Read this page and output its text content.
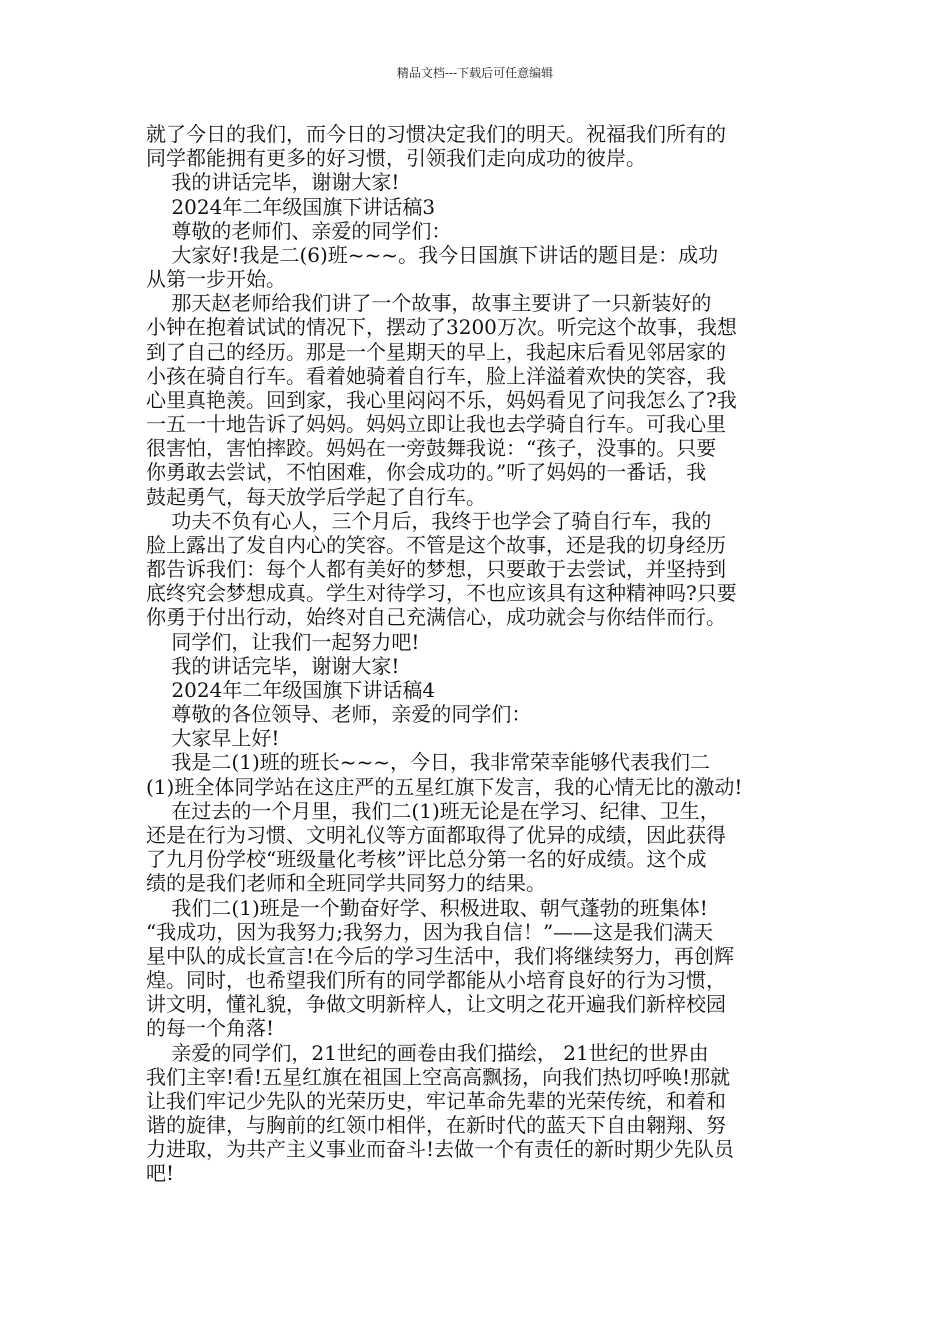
精品文档---下载后可任意编辑
就了今日的我们，而今日的习惯决定我们的明天。祝福我们所有的
同学都能拥有更多的好习惯，引领我们走向成功的彼岸。
我的讲话完毕，谢谢大家!
2024年二年级国旗下讲话稿3
尊敬的老师们、亲爱的同学们：
大家好!我是二(6)班~~~。我今日国旗下讲话的题目是：成功
从第一步开始。
那天赵老师给我们讲了一个故事，故事主要讲了一只新装好的
小钟在抱着试试的情况下，摆动了3200万次。听完这个故事，我想
到了自己的经历。那是一个星期天的早上，我起床后看见邻居家的
小孩在骑自行车。看着她骑着自行车，脸上洋溢着欢快的笑容，我
心里真艳羡。回到家，我心里闷闷不乐，妈妈看见了问我怎么了?我
一五一十地告诉了妈妈。妈妈立即让我也去学骑自行车。可我心里
很害怕，害怕摔跤。妈妈在一旁鼓舞我说：“孩子，没事的。只要
你勇敢去尝试，不怕困难，你会成功的。”听了妈妈的一番话，我
鼓起勇气，每天放学后学起了自行车。
功夫不负有心人，三个月后，我终于也学会了骑自行车，我的
脸上露出了发自内心的笑容。不管是这个故事，还是我的切身经历
都告诉我们：每个人都有美好的梦想，只要敢于去尝试，并坚持到
底终究会梦想成真。学生对待学习，不也应该具有这种精神吗?只要
你勇于付出行动，始终对自己充满信心，成功就会与你结伴而行。
同学们，让我们一起努力吧!
我的讲话完毕，谢谢大家!
2024年二年级国旗下讲话稿4
尊敬的各位领导、老师，亲爱的同学们：
大家早上好!
我是二(1)班的班长~~~，今日，我非常荣幸能够代表我们二
(1)班全体同学站在这庄严的五星红旗下发言，我的心情无比的激动!
在过去的一个月里，我们二(1)班无论是在学习、纪律、卫生，
还是在行为习惯、文明礼仪等方面都取得了优异的成绩，因此获得
了九月份学校“班级量化考核”评比总分第一名的好成绩。这个成
绩的是我们老师和全班同学共同努力的结果。
我们二(1)班是一个勤奋好学、积极进取、朝气蓬勃的班集体!
“我成功，因为我努力;我努力，因为我自信！”——这是我们满天
星中队的成长宣言!在今后的学习生活中，我们将继续努力，再创辉
煌。同时，也希望我们所有的同学都能从小培育良好的行为习惯，
讲文明，懂礼貌，争做文明新梓人，让文明之花开遍我们新梓校园
的每一个角落!
亲爱的同学们，21世纪的画卷由我们描绘， 21世纪的世界由
我们主宰!看!五星红旗在祖国上空高高飘扬，向我们热切呼唤!那就
让我们牢记少先队的光荣历史，牢记革命先辈的光荣传统，和着和
谐的旋律，与胸前的红领巾相伴，在新时代的蓝天下自由翱翔、努
力进取，为共产主义事业而奋斗!去做一个有责任的新时期少先队员
吧!
